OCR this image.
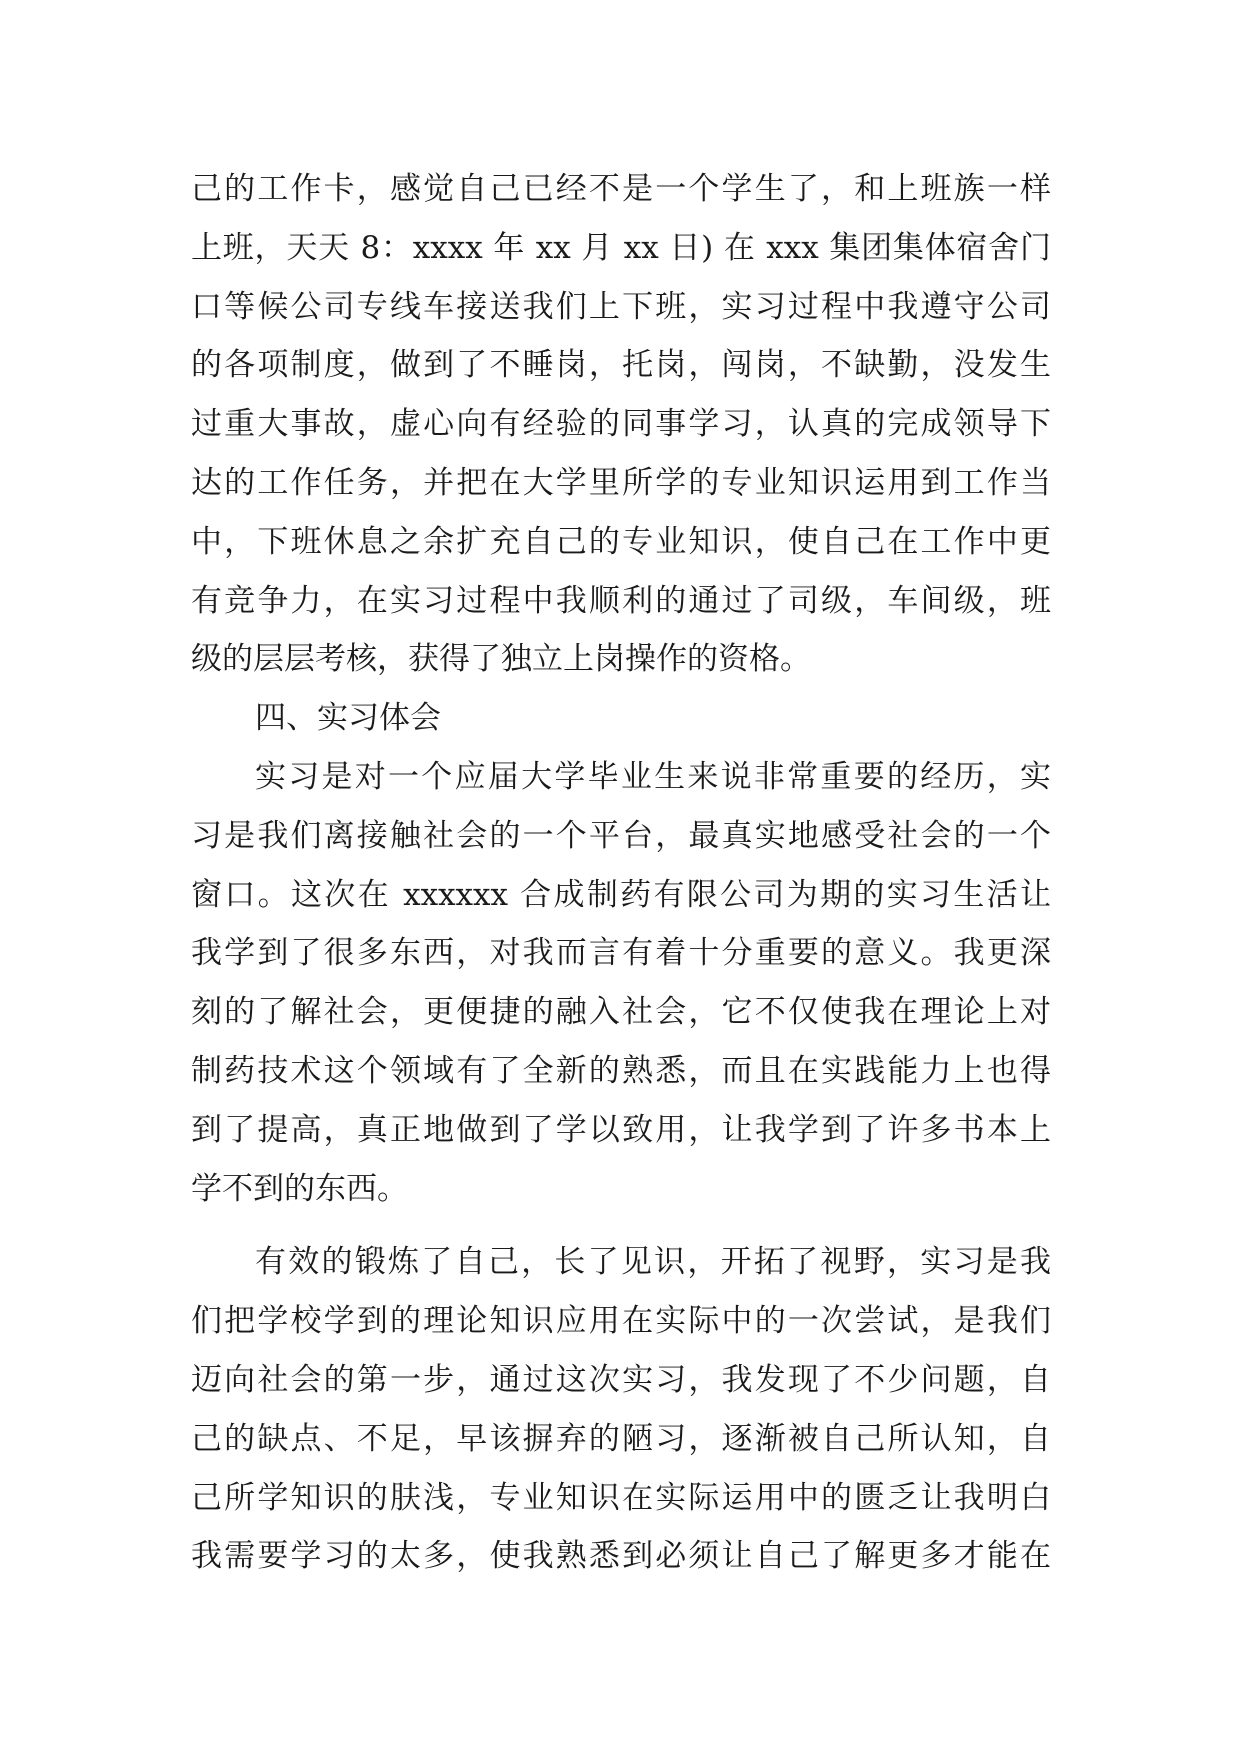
己的工作卡，感觉自己已经不是一个学生了，和上班族一样
上班，天天 8：xxxx 年 xx 月 xx 日) 在 xxx 集团集体宿舍门
口等候公司专线车接送我们上下班，实习过程中我遵守公司
的各项制度，做到了不睡岗，托岗，闯岗，不缺勤，没发生
过重大事故，虚心向有经验的同事学习，认真的完成领导下
达的工作任务，并把在大学里所学的专业知识运用到工作当
中，下班休息之余扩充自己的专业知识，使自己在工作中更
有竞争力，在实习过程中我顺利的通过了司级，车间级，班
级的层层考核，获得了独立上岗操作的资格。
四、实习体会
实习是对一个应届大学毕业生来说非常重要的经历，实
习是我们离接触社会的一个平台，最真实地感受社会的一个
窗口。这次在 xxxxxx 合成制药有限公司为期的实习生活让
我学到了很多东西，对我而言有着十分重要的意义。我更深
刻的了解社会，更便捷的融入社会，它不仅使我在理论上对
制药技术这个领域有了全新的熟悉，而且在实践能力上也得
到了提高，真正地做到了学以致用，让我学到了许多书本上
学不到的东西。
有效的锻炼了自己，长了见识，开拓了视野，实习是我
们把学校学到的理论知识应用在实际中的一次尝试，是我们
迈向社会的第一步，通过这次实习，我发现了不少问题，自
己的缺点、不足，早该摒弃的陋习，逐渐被自己所认知，自
己所学知识的肤浅，专业知识在实际运用中的匮乏让我明白
我需要学习的太多，使我熟悉到必须让自己了解更多才能在
